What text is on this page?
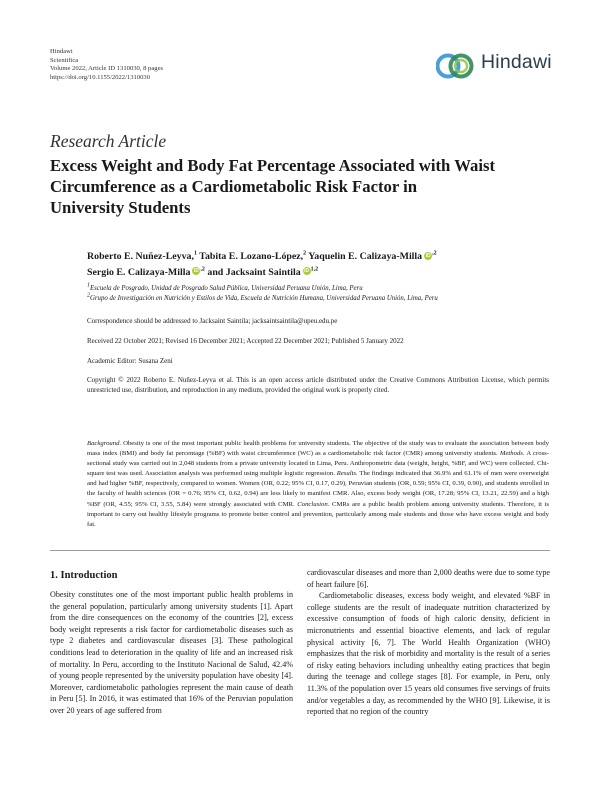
Hindawi
Scientifica
Volume 2022, Article ID 1310030, 8 pages
https://doi.org/10.1155/2022/1310030
Hindawi
Research Article
Excess Weight and Body Fat Percentage Associated with Waist
Circumference as a Cardiometabolic Risk Factor in
University Students
Roberto E. Nuñez-Leyva,$^1$ Tabita E. Lozano-López,$^2$ Yaquelin E. Calizaya-Milla iD $^{,2}$
Sergio E. Calizaya-Milla iD $^{,2}$ and Jacksaint Saintila iD $^{1,2}$
$^1$Escuela de Posgrado, Unidad de Posgrado Salud Pública, Universidad Peruana Unión, Lima, Peru
$^2$Grupo de Investigación en Nutrición y Estilos de Vida, Escuela de Nutrición Humana, Universidad Peruana Unión, Lima, Peru
Correspondence should be addressed to Jacksaint Saintila; jacksaintsaintila@upeu.edu.pe
Received 22 October 2021; Revised 16 December 2021; Accepted 22 December 2021; Published 5 January 2022
Academic Editor: Susana Zeni
Copyright © 2022 Roberto E. Nuñez-Leyva et al. This is an open access article distributed under the Creative Commons Attribution License, which permits unrestricted use, distribution, and reproduction in any medium, provided the original work is properly cited.
Background. Obesity is one of the most important public health problems for university students. The objective of the study was to evaluate the association between body mass index (BMI) and body fat percentage (%BF) with waist circumference (WC) as a cardiometabolic risk factor (CMR) among university students. Methods. A cross-sectional study was carried out in 2,048 students from a private university located in Lima, Peru. Anthropometric data (weight, height, %BF, and WC) were collected. Chi-square test was used. Association analysis was performed using multiple logistic regression. Results. The findings indicated that 36.9% and 61.1% of men were overweight and had higher %BF, respectively, compared to women. Women (OR, 0.22; 95% CI, 0.17, 0.29), Peruvian students (OR, 0.59; 95% CI, 0.39, 0.90), and students enrolled in the faculty of health sciences (OR = 0.76; 95% CI, 0.62, 0.94) are less likely to manifest CMR. Also, excess body weight (OR, 17.28; 95% CI, 13.21, 22.59) and a high %BF (OR, 4.55; 95% CI, 3.55, 5.84) were strongly associated with CMR. Conclusion. CMRs are a public health problem among university students. Therefore, it is important to carry out healthy lifestyle programs to promote better control and prevention, particularly among male students and those who have excess weight and body fat.
1. Introduction

Obesity constitutes one of the most important public health problems in the general population, particularly among university students [1]. Apart from the dire consequences on the economy of the countries [2], excess body weight represents a risk factor for cardiometabolic diseases such as type 2 diabetes and cardiovascular diseases [3]. These pathological conditions lead to deterioration in the quality of life and an increased risk of mortality. In Peru, according to the Instituto Nacional de Salud, 42.4% of young people represented by the university population have obesity [4]. Moreover, cardiometabolic pathologies represent the main cause of death in Peru [5]. In 2016, it was estimated that 16% of the Peruvian population over 20 years of age suffered from

cardiovascular diseases and more than 2,000 deaths were due to some type of heart failure [6].

Cardiometabolic diseases, excess body weight, and elevated %BF in college students are the result of inadequate nutrition characterized by excessive consumption of foods of high caloric density, deficient in micronutrients and essential bioactive elements, and lack of regular physical activity [6, 7]. The World Health Organization (WHO) emphasizes that the risk of morbidity and mortality is the result of a series of risky eating behaviors including unhealthy eating practices that begin during the teenage and college stages [8]. For example, in Peru, only 11.3% of the population over 15 years old consumes five servings of fruits and/or vegetables a day, as recommended by the WHO [9]. Likewise, it is reported that no region of the country
